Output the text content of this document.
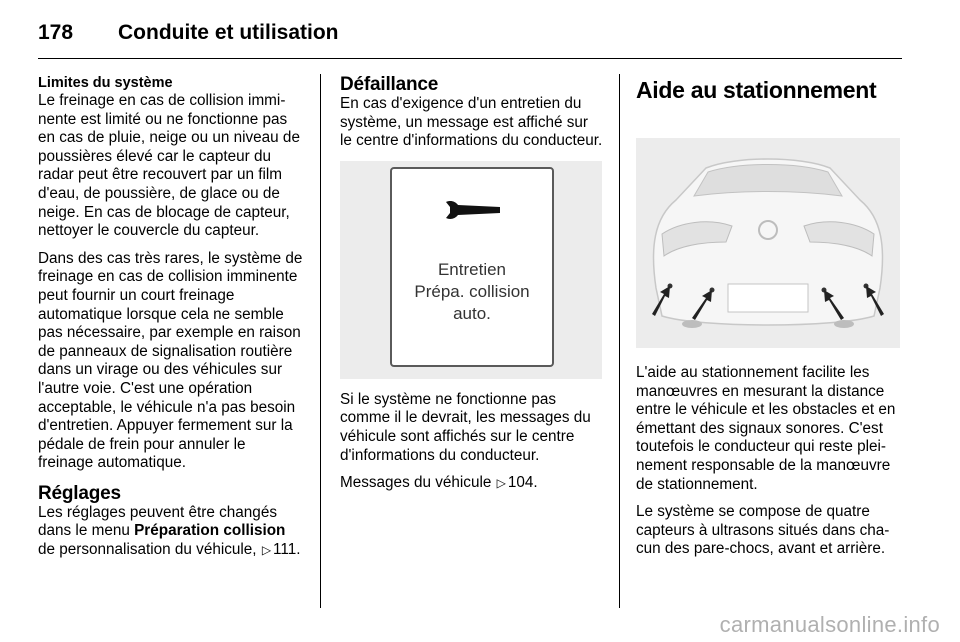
178	Conduite et utilisation
Limites du système

Le freinage en cas de collision imminente est limité ou ne fonctionne pas en cas de pluie, neige ou un niveau de poussières élevé car le capteur du radar peut être recouvert par un film d'eau, de poussière, de glace ou de neige. En cas de blocage de capteur, nettoyer le couvercle du capteur.

Dans des cas très rares, le système de freinage en cas de collision imminente peut fournir un court freinage automatique lorsque cela ne semble pas nécessaire, par exemple en raison de panneaux de signalisation routière dans un virage ou des véhicules sur l'autre voie. C'est une opération acceptable, le véhicule n'a pas besoin d'entretien. Appuyer fermement sur la pédale de frein pour annuler le freinage automatique.

Réglages

Les réglages peuvent être changés dans le menu Préparation collision de personnalisation du véhicule, ▷ 111.

Défaillance

En cas d'exigence d'un entretien du système, un message est affiché sur le centre d'informations du conducteur.

Entretien
Prépa. collision
auto.

Si le système ne fonctionne pas comme il le devrait, les messages du véhicule sont affichés sur le centre d'informations du conducteur.

Messages du véhicule ▷ 104.

Aide au stationnement

L'aide au stationnement facilite les manœuvres en mesurant la distance entre le véhicule et les obstacles et en émettant des signaux sonores. C'est toutefois le conducteur qui reste pleinement responsable de la manœuvre de stationnement.

Le système se compose de quatre capteurs à ultrasons situés dans chacun des pare-chocs, avant et arrière.

carmanualsonline.info
